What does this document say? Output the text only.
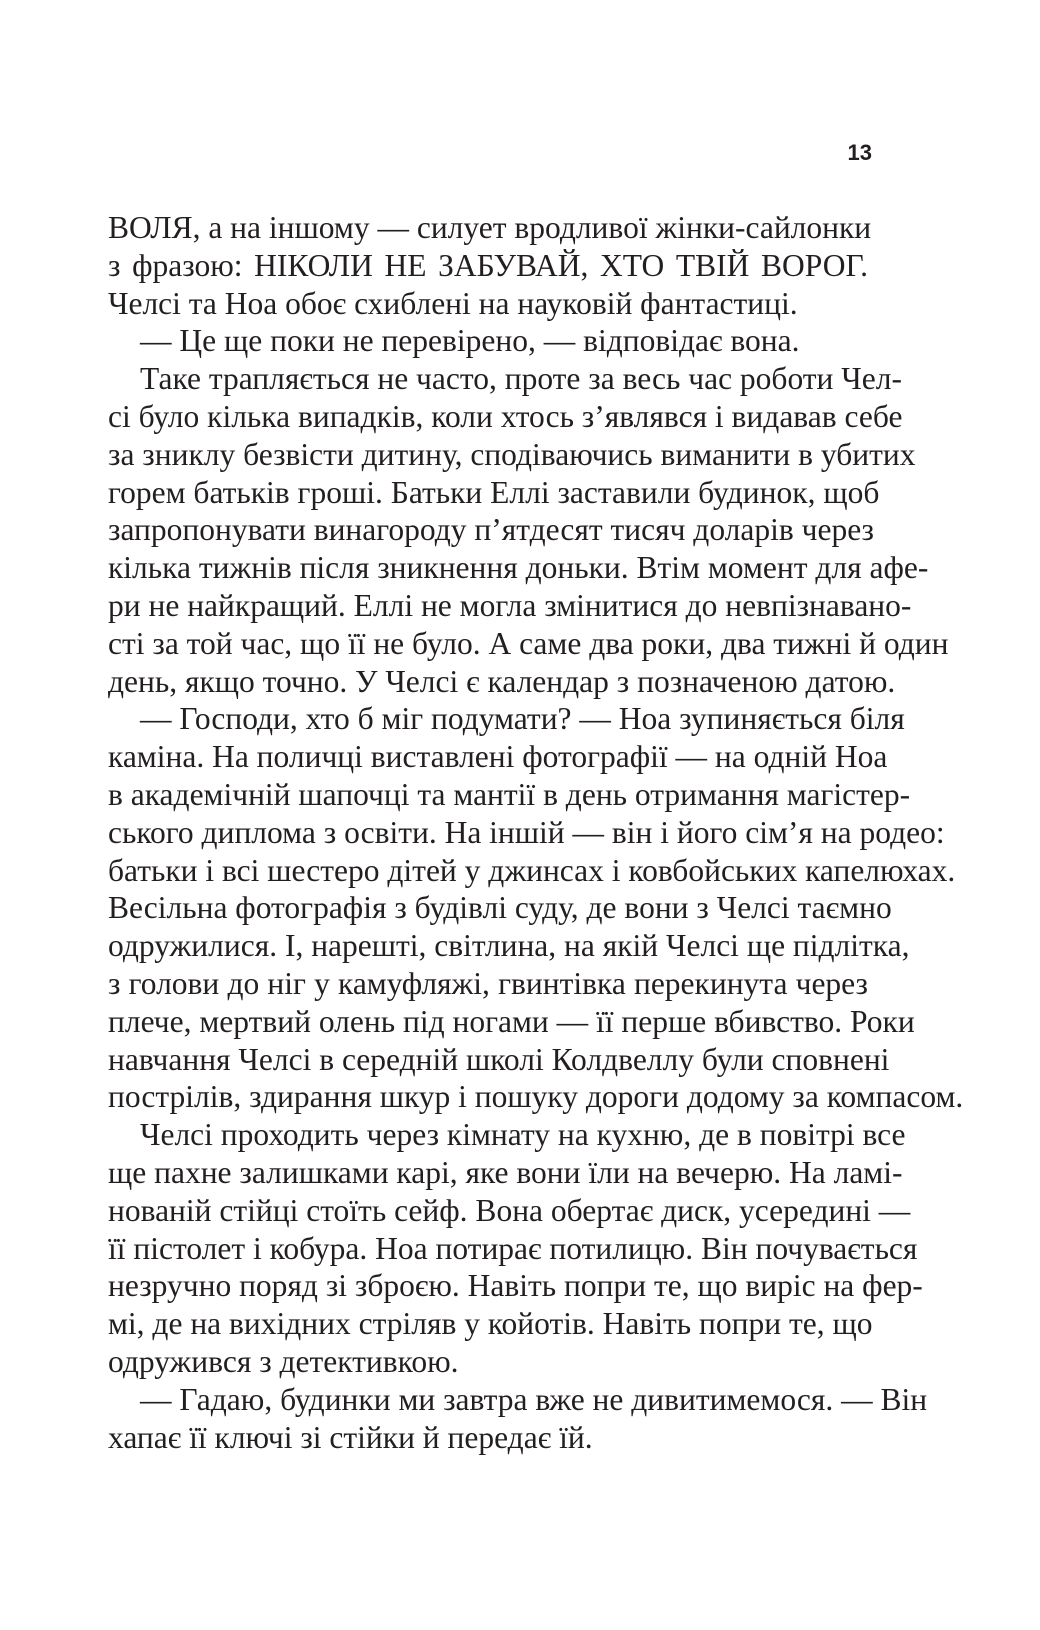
13
ВОЛЯ, а на іншому — силует вродливої жінки-сайлонки
з фразою: НІКОЛИ НЕ ЗАБУВАЙ, ХТО ТВІЙ ВОРОГ.
Челсі та Ноа обоє схиблені на науковій фантастиці.
— Це ще поки не перевірено, — відповідає вона.
Таке трапляється не часто, проте за весь час роботи Чел-
сі було кілька випадків, коли хтось з’являвся і видавав себе
за зниклу безвісти дитину, сподіваючись виманити в убитих
горем батьків гроші. Батьки Еллі заставили будинок, щоб
запропонувати винагороду п’ятдесят тисяч доларів через
кілька тижнів після зникнення доньки. Втім момент для афе-
ри не найкращий. Еллі не могла змінитися до невпізнаванo-
сті за той час, що її не було. А саме два роки, два тижні й один
день, якщо точно. У Челсі є календар з позначеною датою.
— Господи, хто б міг подумати? — Ноа зупиняється біля
каміна. На поличці виставлені фотографії — на одній Ноа
в академічній шапочці та мантії в день отримання магістер-
ського диплома з освіти. На іншій — він і його сім’я на родео:
батьки і всі шестеро дітей у джинсах і ковбойських капелюхах.
Весільна фотографія з будівлі суду, де вони з Челсі таємно
одружилися. І, нарешті, світлина, на якій Челсі ще підлітка,
з голови до ніг у камуфляжі, гвинтівка перекинута через
плече, мертвий олень під ногами — її перше вбивство. Роки
навчання Челсі в середній школі Колдвеллу були сповнені
пострілів, здирання шкур і пошуку дороги додому за компасом.
Челсі проходить через кімнату на кухню, де в повітрі все
ще пахне залишками карі, яке вони їли на вечерю. На ламі-
нованій стійці стоїть сейф. Вона обертає диск, усередині —
її пістолет і кобура. Ноа потирає потилицю. Він почувається
незручно поряд зі зброєю. Навіть попри те, що виріс на фер-
мі, де на вихідних стріляв у койотів. Навіть попри те, що
одружився з детективкою.
— Гадаю, будинки ми завтра вже не дивитимемося. — Він
хапає її ключі зі стійки й передає їй.
